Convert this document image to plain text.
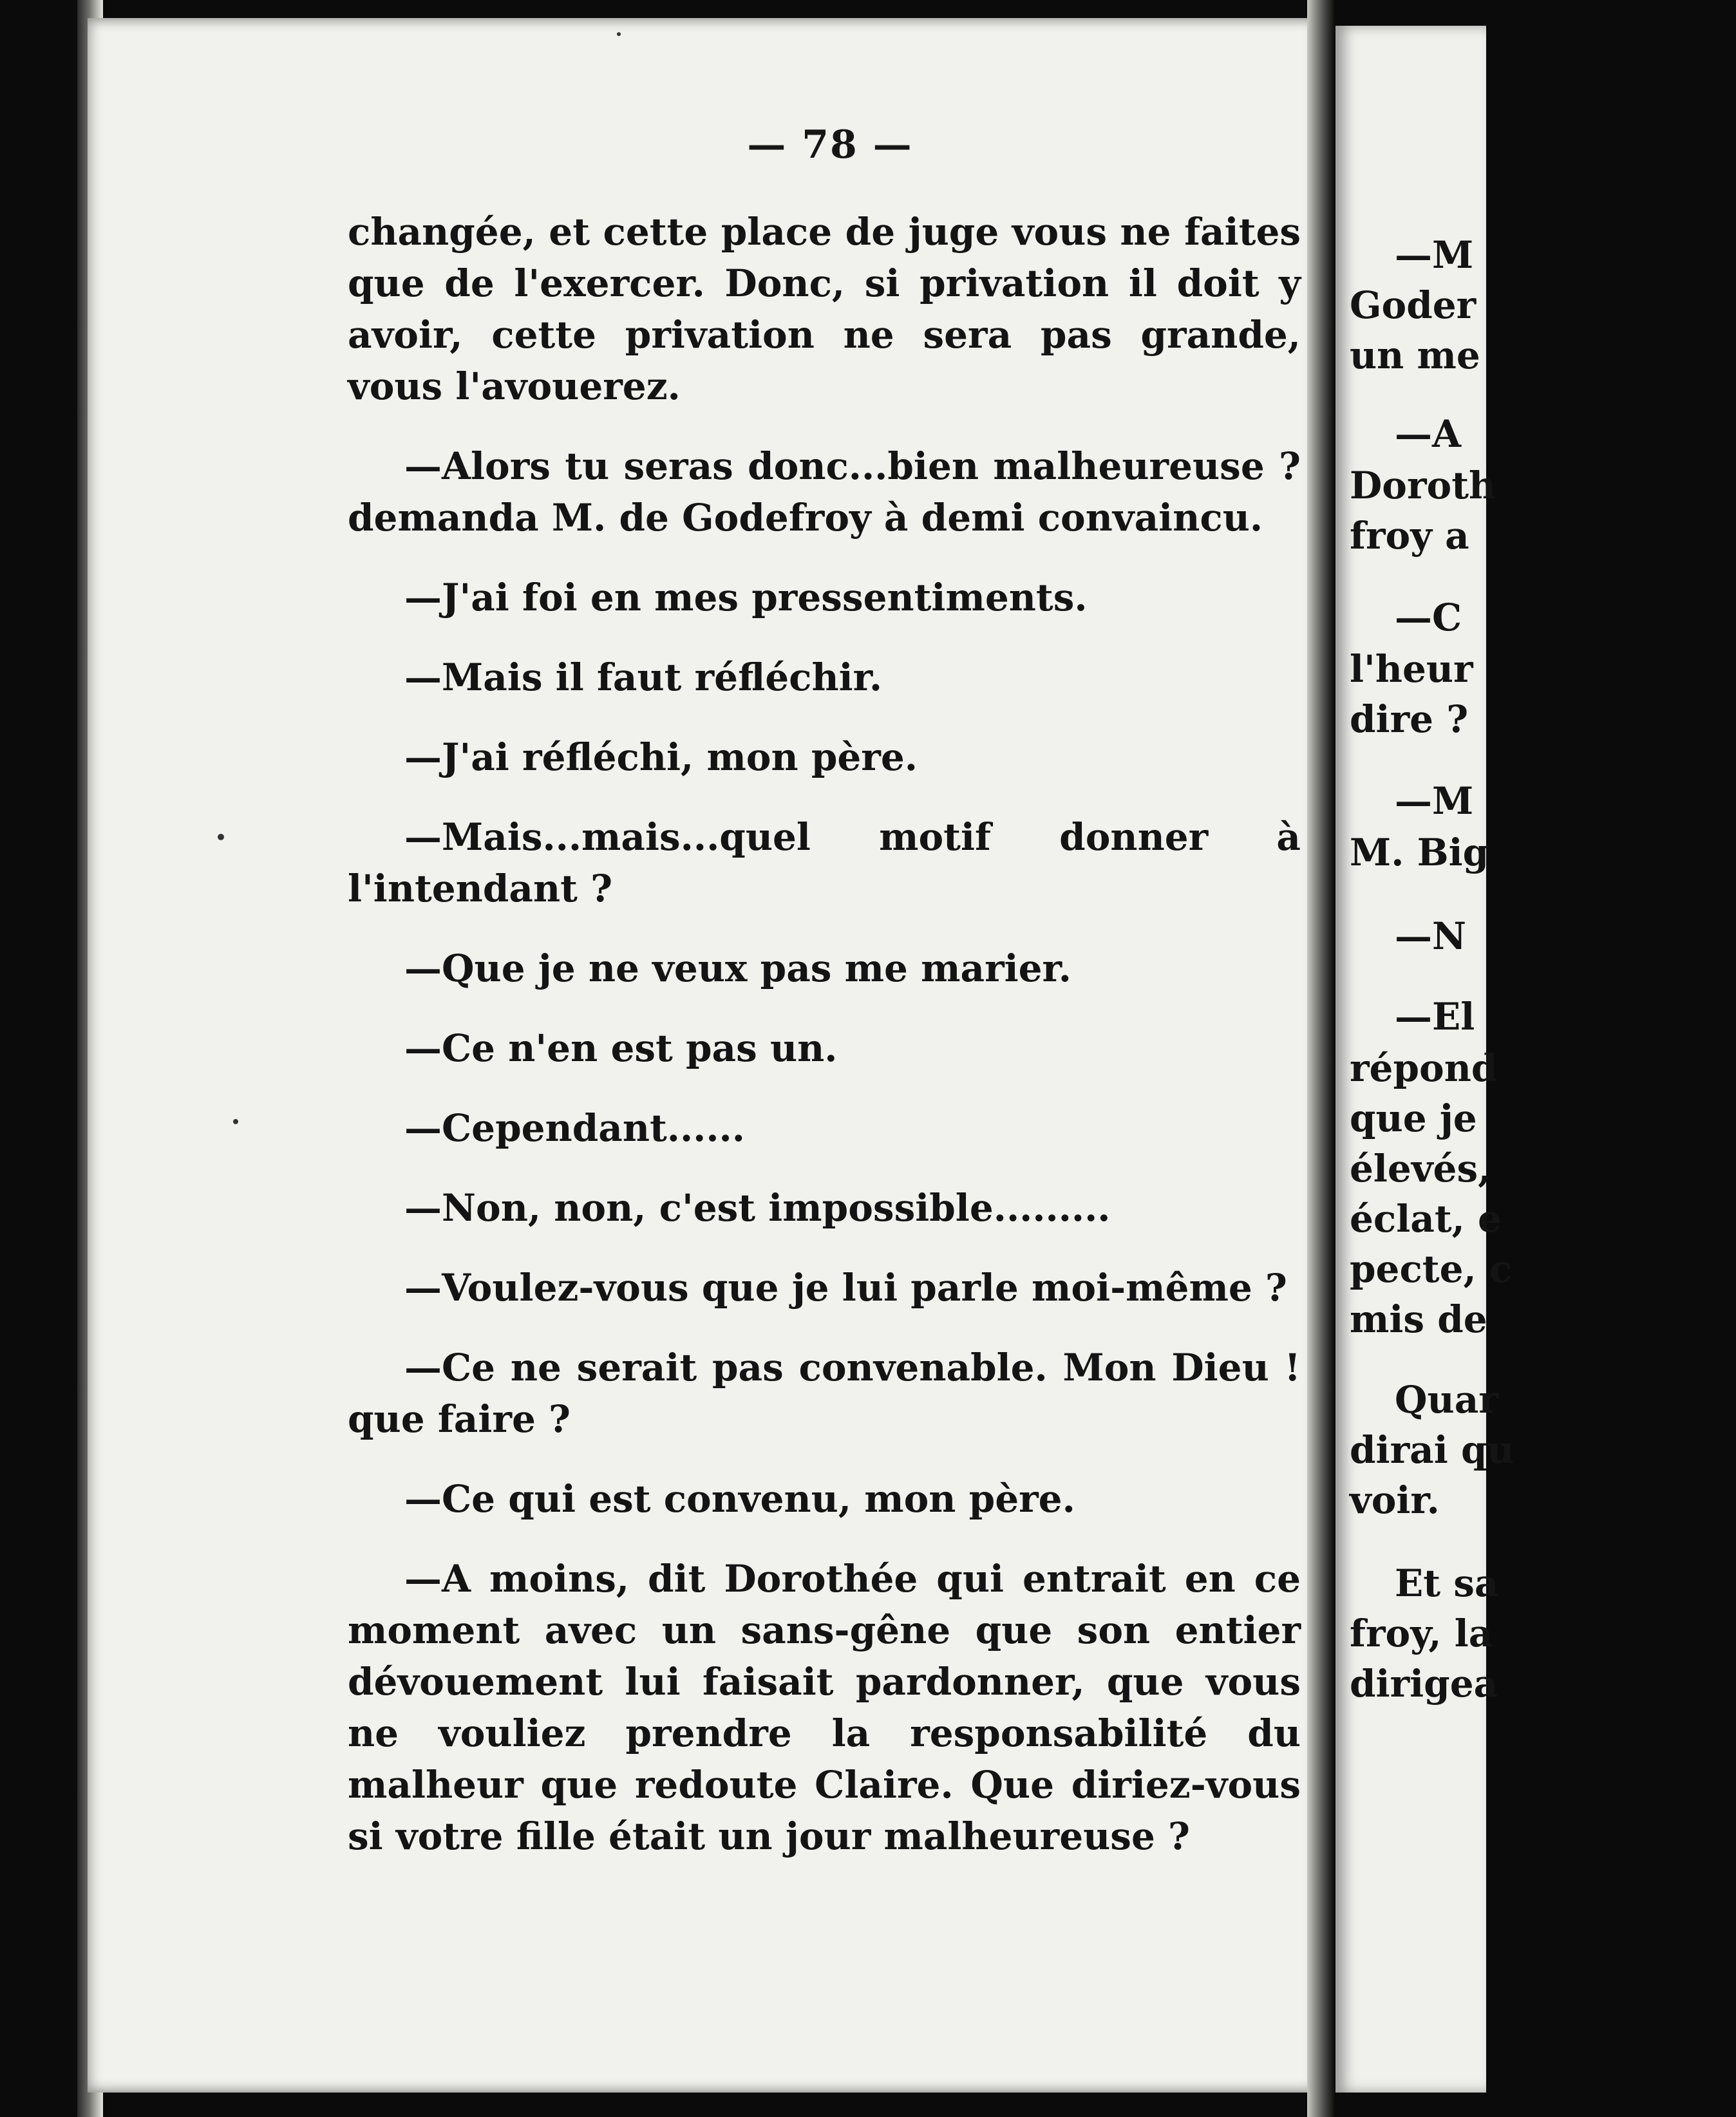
— 78 —

changée, et cette place de juge vous ne faites que de l'exercer. Donc, si privation il doit y avoir, cette privation ne sera pas grande, vous l'avouerez.

—Alors tu seras donc...bien malheureuse ? demanda M. de Godefroy à demi convaincu.

—J'ai foi en mes pressentiments.

—Mais il faut réfléchir.

—J'ai réfléchi, mon père.

—Mais...mais...quel motif donner à l'intendant ?

—Que je ne veux pas me marier.

—Ce n'en est pas un.

—Cependant......

—Non, non, c'est impossible.........

—Voulez-vous que je lui parle moi-même ?

—Ce ne serait pas convenable. Mon Dieu ! que faire ?

—Ce qui est convenu, mon père.

—A moins, dit Dorothée qui entrait en ce moment avec un sans-gêne que son entier dévouement lui faisait pardonner, que vous ne vouliez prendre la responsabilité du malheur que redoute Claire. Que diriez-vous si votre fille était un jour malheureuse ?

—M
Goder
un me
—A
Doroth
froy a
—C
l'heur
dire ?
—M
M. Big
—N
—El
répond
que je
élevés,
éclat, e
pecte, c
mis de
Quar
dirai qu
voir.
Et sa
froy, la
dirigea
